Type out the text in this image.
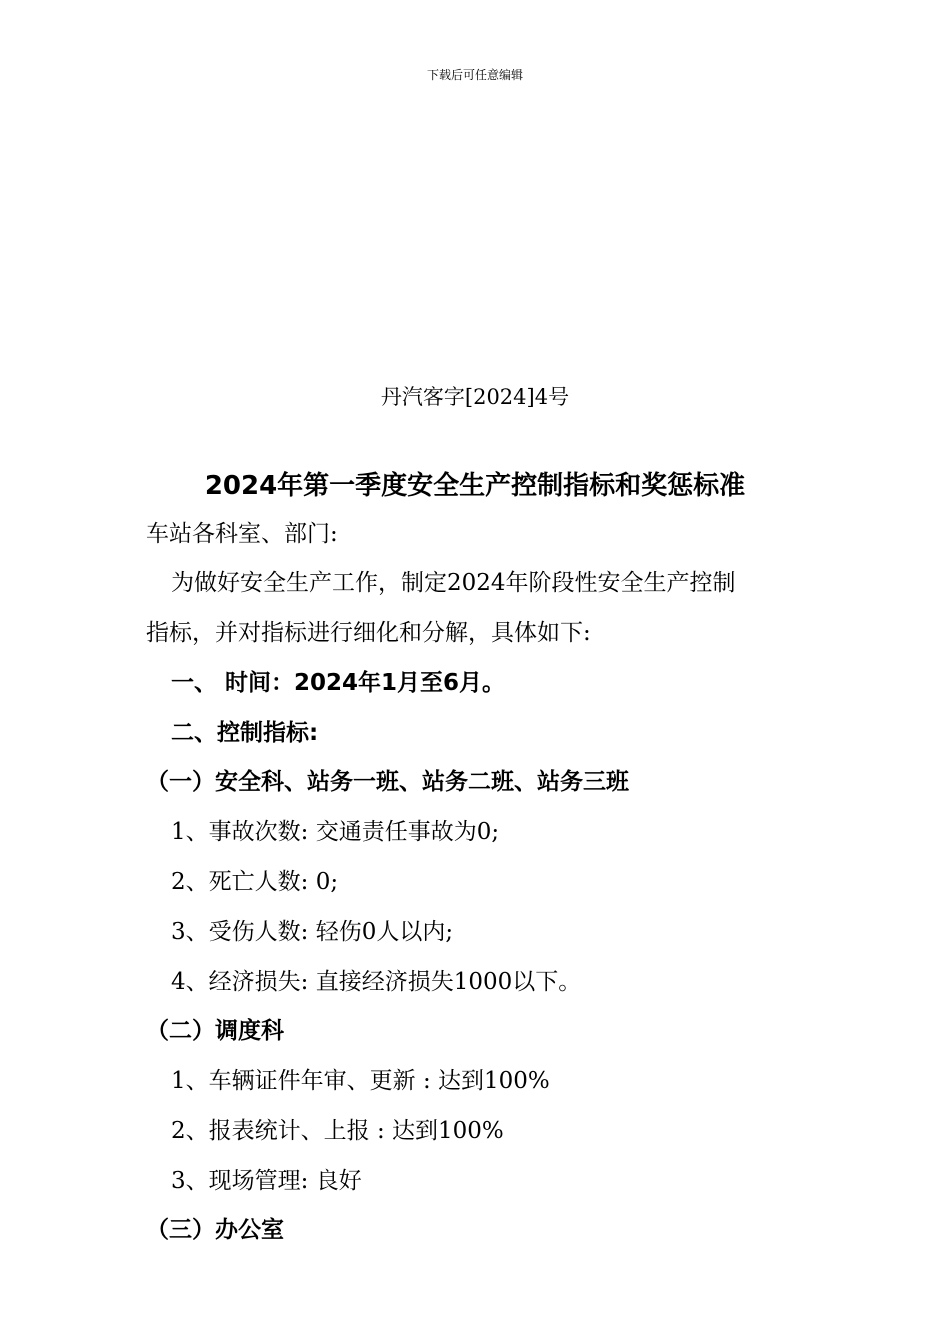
下载后可任意编辑
丹汽客字[2024]4号
2024年第一季度安全生产控制指标和奖惩标准
车站各科室、部门:
为做好安全生产工作，制定2024年阶段性安全生产控制
指标，并对指标进行细化和分解，具体如下:
一、 时间：2024年1月至6月。
二、控制指标:
（一）安全科、站务一班、站务二班、站务三班
1、事故次数: 交通责任事故为0;
2、死亡人数: 0;
3、受伤人数: 轻伤0人以内;
4、经济损失: 直接经济损失1000以下。
（二）调度科
1、车辆证件年审、更新 : 达到100%
2、报表统计、上报 : 达到100%
3、现场管理: 良好
（三）办公室
